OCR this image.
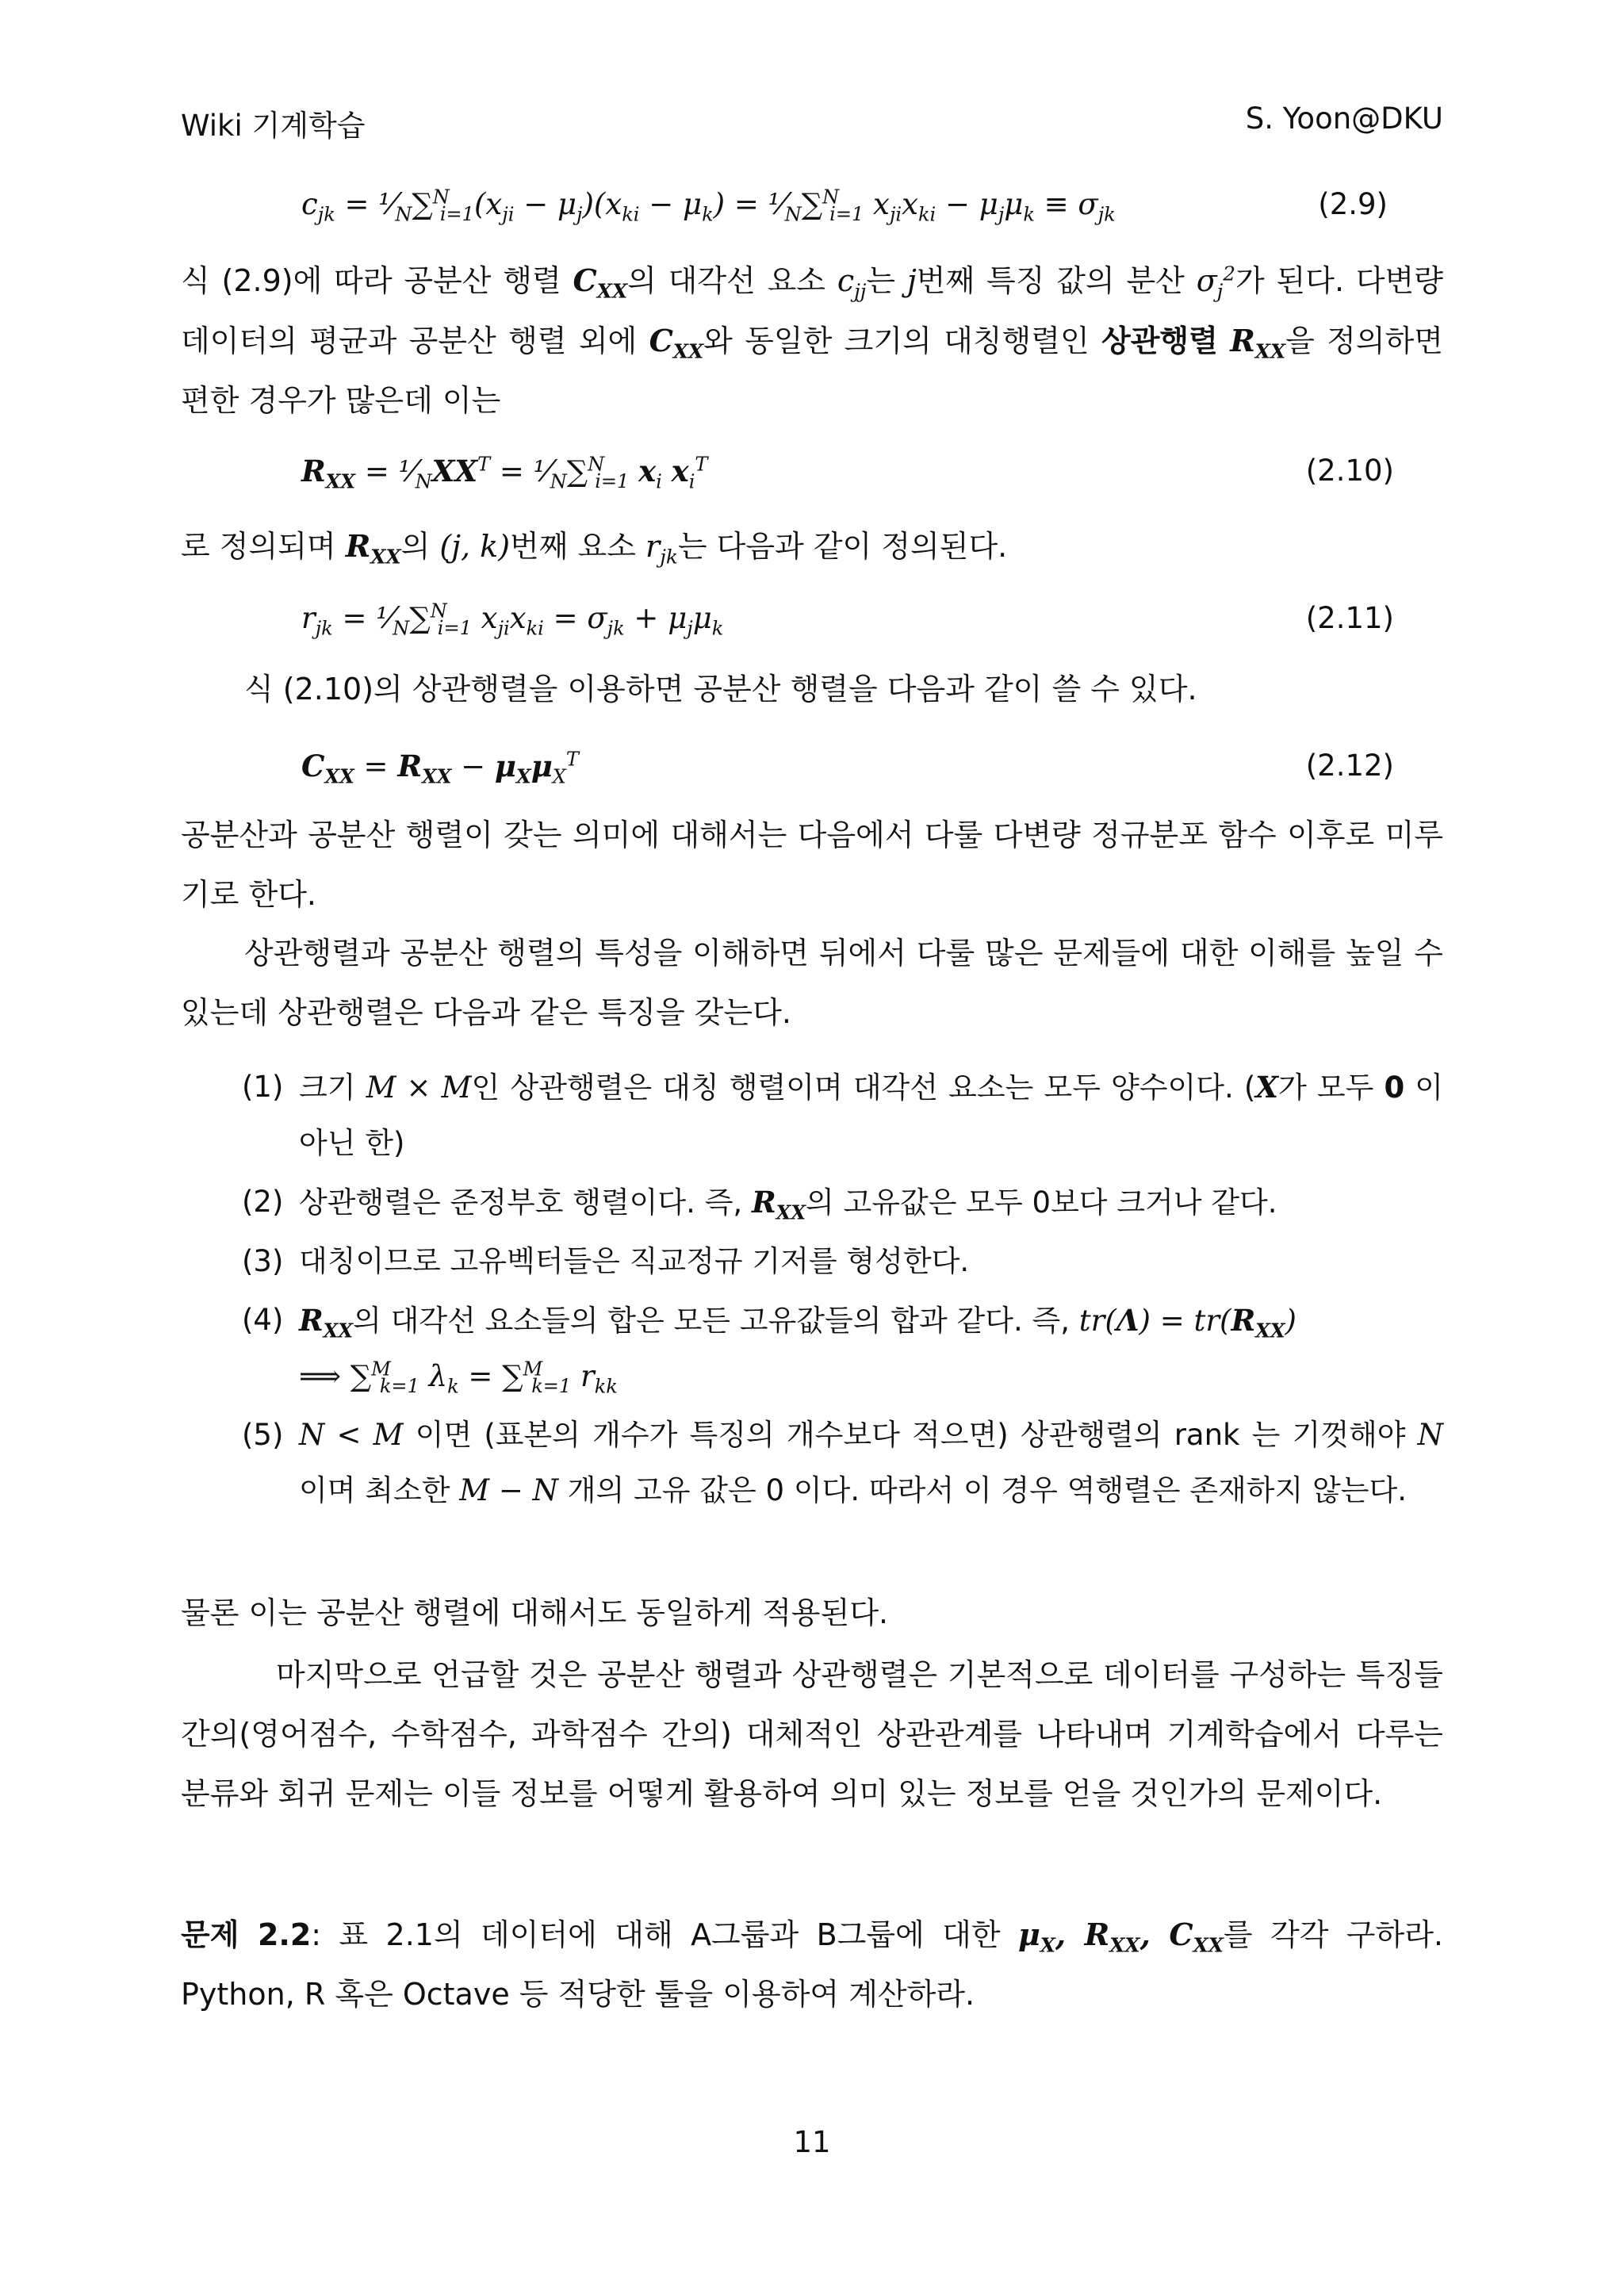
Wiki 기계학습	S. Yoon@DKU
$c_{jk}$ = $^1⁄_N\sum^N_{i=1}(x_{ji} - \mu_j)(x_{ki} - \mu_k)$ = $^1⁄_N\sum^N_{i=1}$ $x_{ji}x_{ki} - \mu_j\mu_k \equiv \sigma_{jk}$	(2.9)

식 (2.9)에 따라 공분산 행렬 $C_{XX}$의 대각선 요소 $c_{jj}$는 j번째 특징 값의 분산 $\sigma_j^2$가 된다. 다변량 데이터의 평균과 공분산 행렬 외에 $C_{XX}$와 동일한 크기의 대칭행렬인 상관행렬 $R_{XX}$을 정의하면 편한 경우가 많은데 이는

$R_{XX}$ = $^1⁄_NXX^T$ = $^1⁄_N\sum^N_{i=1}$ $x_i$ $x_i^T$	(2.10)

로 정의되며 $R_{XX}$의 (j, k)번째 요소 $r_{jk}$는 다음과 같이 정의된다.

$r_{jk}$ = $^1⁄_N\sum^N_{i=1}$ $x_{ji}x_{ki} = \sigma_{jk} + \mu_j\mu_k$	(2.11)

식 (2.10)의 상관행렬을 이용하면 공분산 행렬을 다음과 같이 쓸 수 있다.

$C_{XX} = R_{XX} - \mu_X\mu_X^T$	(2.12)

공분산과 공분산 행렬이 갖는 의미에 대해서는 다음에서 다룰 다변량 정규분포 함수 이후로 미루기로 한다.

상관행렬과 공분산 행렬의 특성을 이해하면 뒤에서 다룰 많은 문제들에 대한 이해를 높일 수 있는데 상관행렬은 다음과 같은 특징을 갖는다.

(1) 크기 M × M인 상관행렬은 대칭 행렬이며 대각선 요소는 모두 양수이다. (X가 모두 0 이 아닌 한)
(2) 상관행렬은 준정부호 행렬이다. 즉, $R_{XX}$의 고유값은 모두 0보다 크거나 같다.
(3) 대칭이므로 고유벡터들은 직교정규 기저를 형성한다.
(4) $R_{XX}$의 대각선 요소들의 합은 모든 고유값들의 합과 같다. 즉, $tr(\Lambda) = tr(R_{XX})$
⟹ ∑$^M_{k=1}$ $\lambda_k = \sum^M_{k=1}$ $r_{kk}$
(5) N < M 이면 (표본의 개수가 특징의 개수보다 적으면) 상관행렬의 rank 는 기껏해야 N 이며 최소한 M − N 개의 고유 값은 0 이다. 따라서 이 경우 역행렬은 존재하지 않는다.

물론 이는 공분산 행렬에 대해서도 동일하게 적용된다.

마지막으로 언급할 것은 공분산 행렬과 상관행렬은 기본적으로 데이터를 구성하는 특징들 간의(영어점수, 수학점수, 과학점수 간의) 대체적인 상관관계를 나타내며 기계학습에서 다루는 분류와 회귀 문제는 이들 정보를 어떻게 활용하여 의미 있는 정보를 얻을 것인가의 문제이다.

문제 2.2: 표 2.1의 데이터에 대해 A그룹과 B그룹에 대한 $\mu_X$, $R_{XX}$, $C_{XX}$를 각각 구하라. Python, R 혹은 Octave 등 적당한 툴을 이용하여 계산하라.

11
